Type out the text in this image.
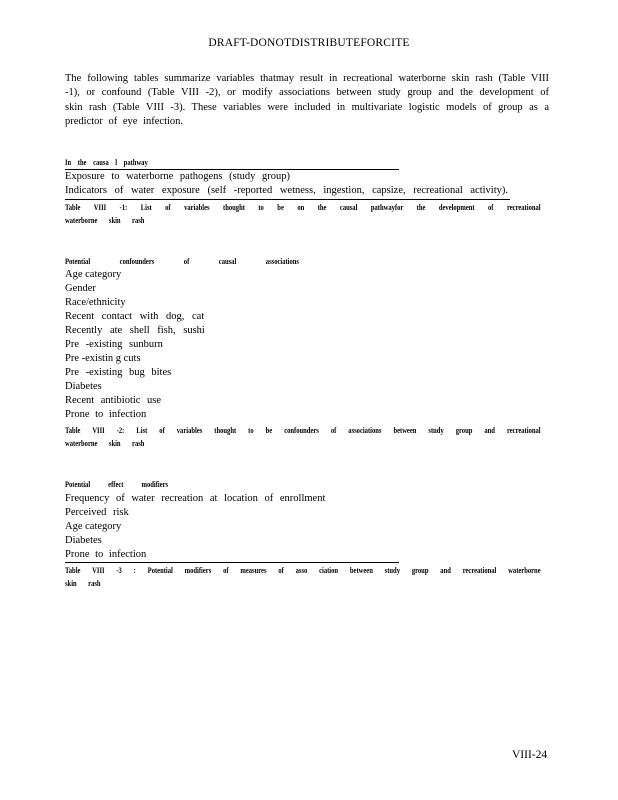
DRAFT-DONOTDISTRIBUTEFORCITE
The following tables summarize variables thatmay result in recreational waterborne skin rash (Table VIII -1), or confound (Table VIII -2), or modify associations between study group and the development of skin rash (Table VIII -3). These variables were included in multivariate logistic models of group as a predictor of eye infection.
In the causa l pathway
Exposure to waterborne pathogens (study group)
Indicators of water exposure (self -reported wetness, ingestion, capsize, recreational activity).
Table VIII -1: List of variables thought to be on the causal pathwayfor the development of recreational waterborne skin rash
Potential confounders of causal associations
Age category
Gender
Race/ethnicity
Recent contact with dog, cat
Recently ate shell fish, sushi
Pre -existing sunburn
Pre -existin g cuts
Pre -existing bug bites
Diabetes
Recent antibiotic use
Prone to infection
Table VIII -2: List of variables thought to be confounders of associations between study group and recreational waterborne skin rash
Potential effect modifiers
Frequency of water recreation at location of enrollment
Perceived risk
Age category
Diabetes
Prone to infection
Table VIII -3 : Potential modifiers of measures of asso ciation between study group and recreational waterborne skin rash
VIII-24
